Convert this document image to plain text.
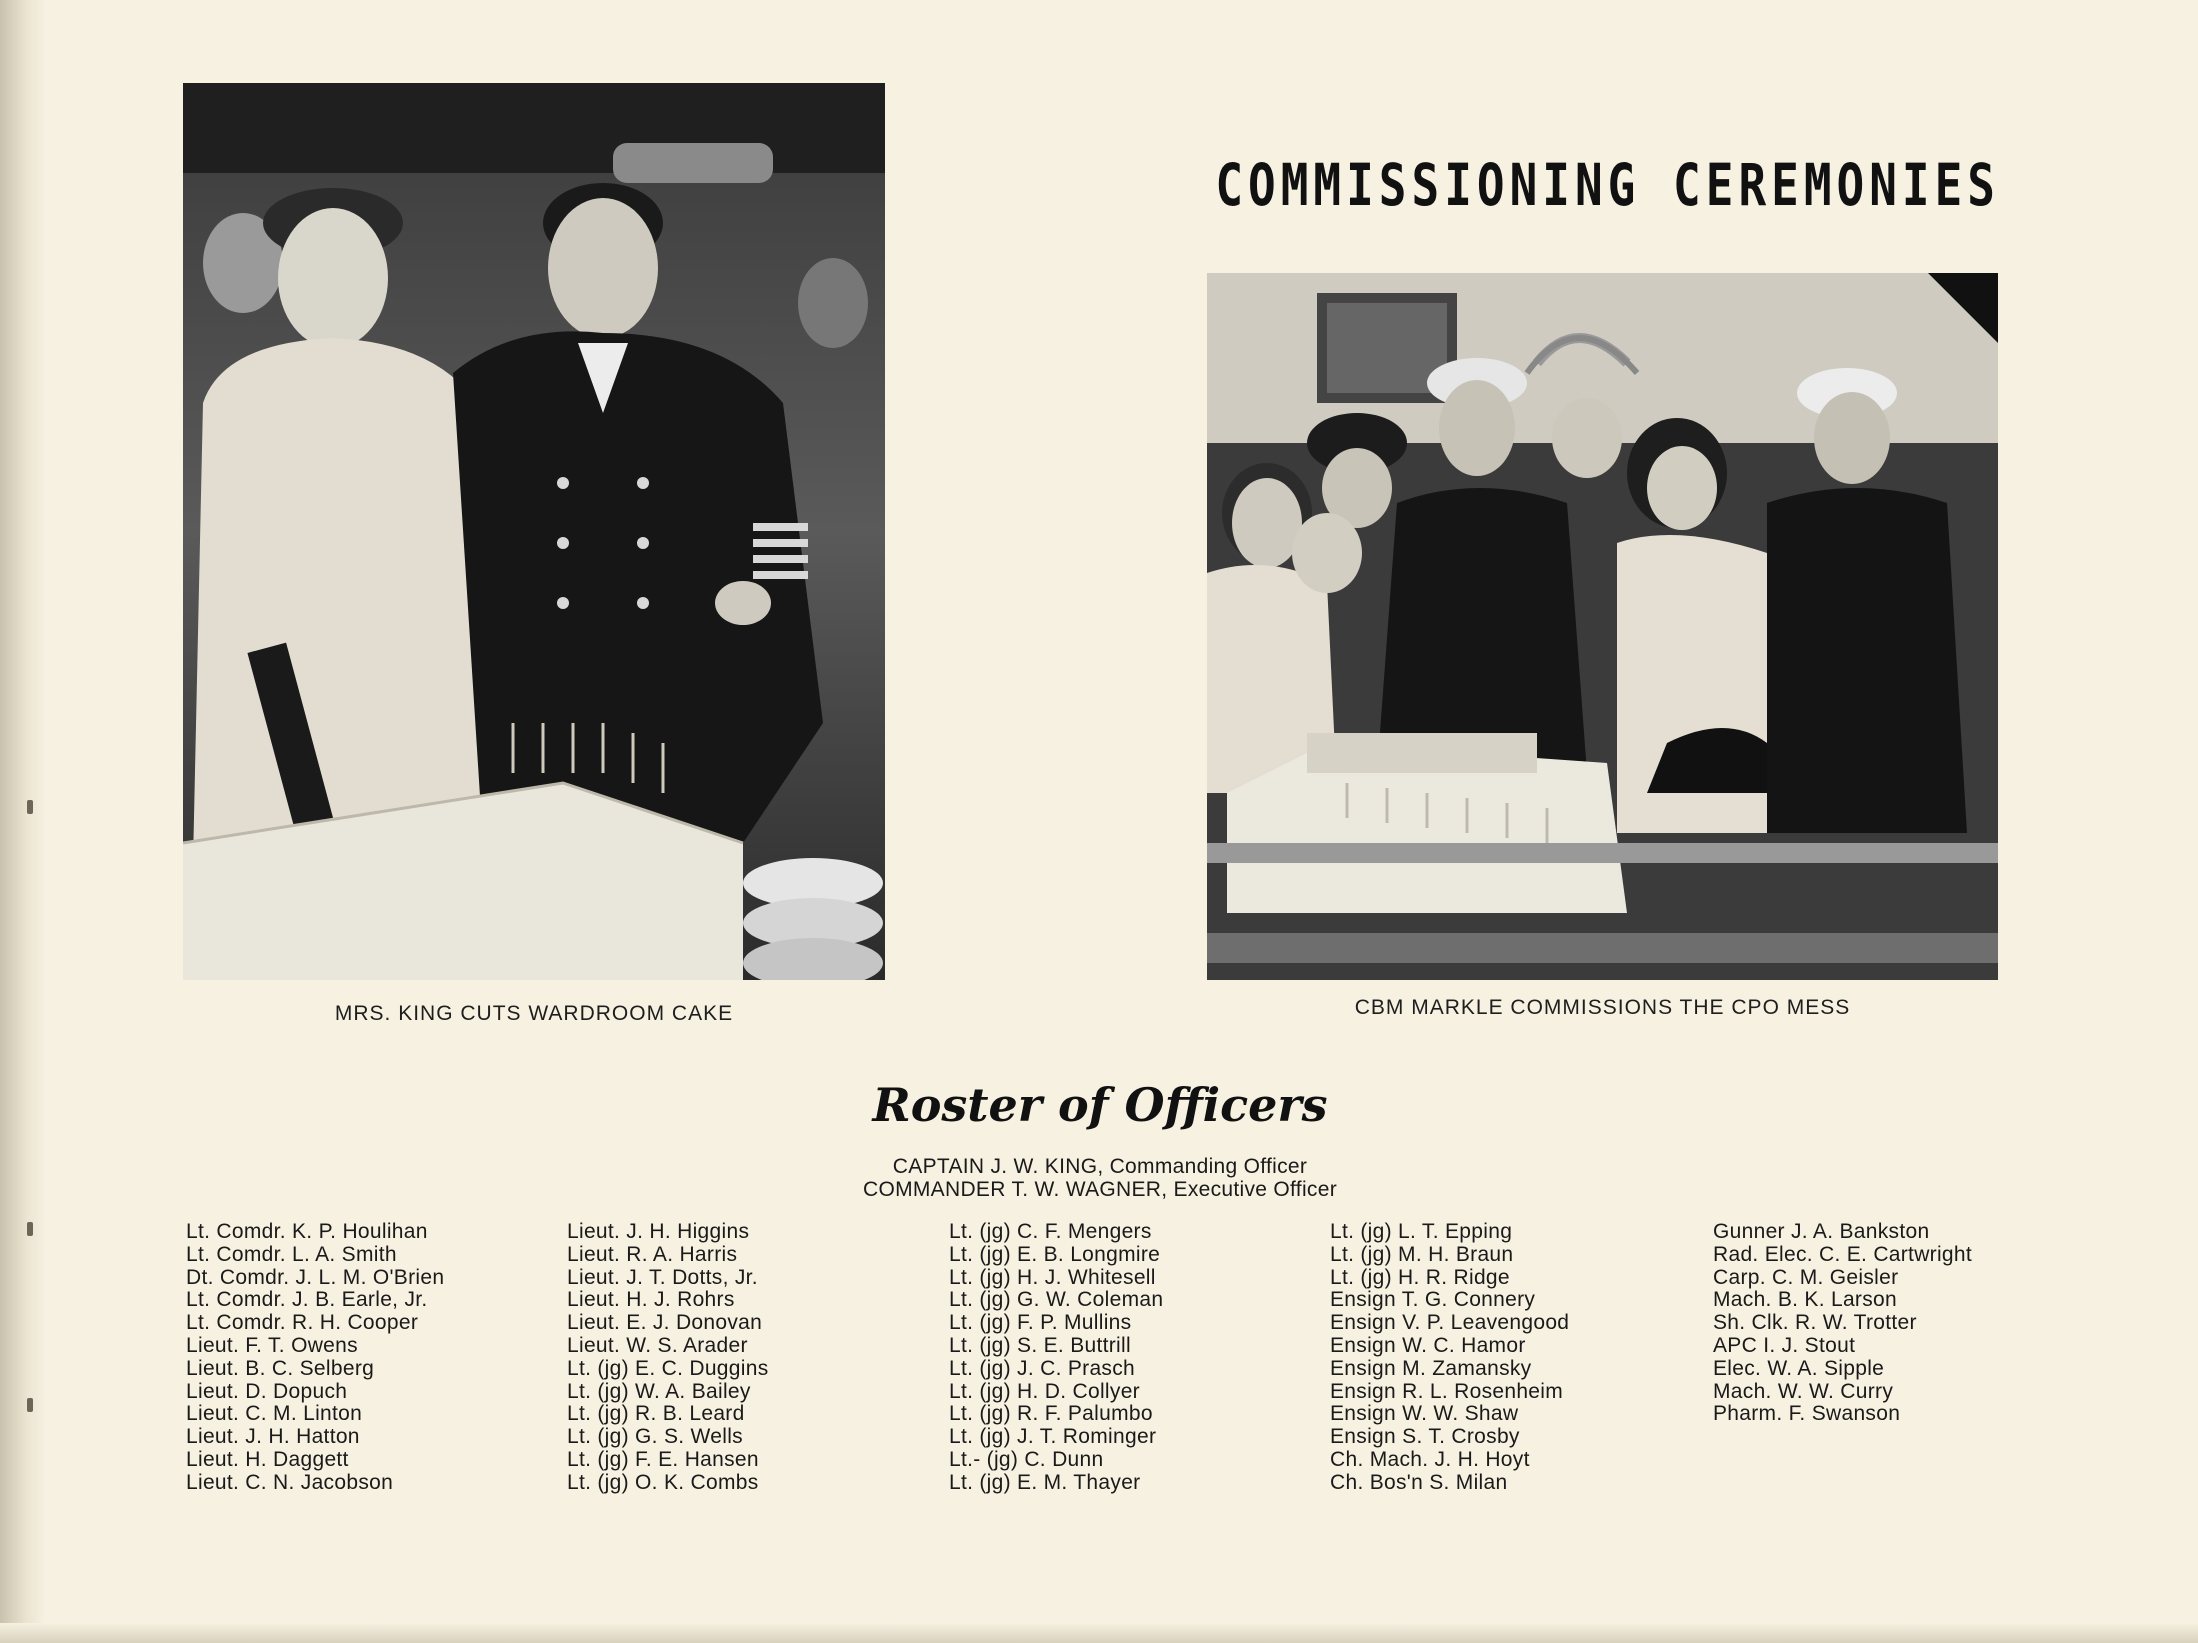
COMMISSIONING CEREMONIES
MRS. KING CUTS WARDROOM CAKE	CBM MARKLE COMMISSIONS THE CPO MESS
Roster of Officers
CAPTAIN J. W. KING, Commanding Officer
COMMANDER T. W. WAGNER, Executive Officer
Lt. Comdr. K. P. Houlihan
Lt. Comdr. L. A. Smith
Dt. Comdr. J. L. M. O'Brien
Lt. Comdr. J. B. Earle, Jr.
Lt. Comdr. R. H. Cooper
Lieut. F. T. Owens
Lieut. B. C. Selberg
Lieut. D. Dopuch
Lieut. C. M. Linton
Lieut. J. H. Hatton
Lieut. H. Daggett
Lieut. C. N. Jacobson
Lieut. J. H. Higgins
Lieut. R. A. Harris
Lieut. J. T. Dotts, Jr.
Lieut. H. J. Rohrs
Lieut. E. J. Donovan
Lieut. W. S. Arader
Lt. (jg) E. C. Duggins
Lt. (jg) W. A. Bailey
Lt. (jg) R. B. Leard
Lt. (jg) G. S. Wells
Lt. (jg) F. E. Hansen
Lt. (jg) O. K. Combs
Lt. (jg) C. F. Mengers
Lt. (jg) E. B. Longmire
Lt. (jg) H. J. Whitesell
Lt. (jg) G. W. Coleman
Lt. (jg) F. P. Mullins
Lt. (jg) S. E. Buttrill
Lt. (jg) J. C. Prasch
Lt. (jg) H. D. Collyer
Lt. (jg) R. F. Palumbo
Lt. (jg) J. T. Rominger
Lt.- (jg) C. Dunn
Lt. (jg) E. M. Thayer
Lt. (jg) L. T. Epping
Lt. (jg) M. H. Braun
Lt. (jg) H. R. Ridge
Ensign T. G. Connery
Ensign V. P. Leavengood
Ensign W. C. Hamor
Ensign M. Zamansky
Ensign R. L. Rosenheim
Ensign W. W. Shaw
Ensign S. T. Crosby
Ch. Mach. J. H. Hoyt
Ch. Bos'n S. Milan
Gunner J. A. Bankston
Rad. Elec. C. E. Cartwright
Carp. C. M. Geisler
Mach. B. K. Larson
Sh. Clk. R. W. Trotter
APC I. J. Stout
Elec. W. A. Sipple
Mach. W. W. Curry
Pharm. F. Swanson
